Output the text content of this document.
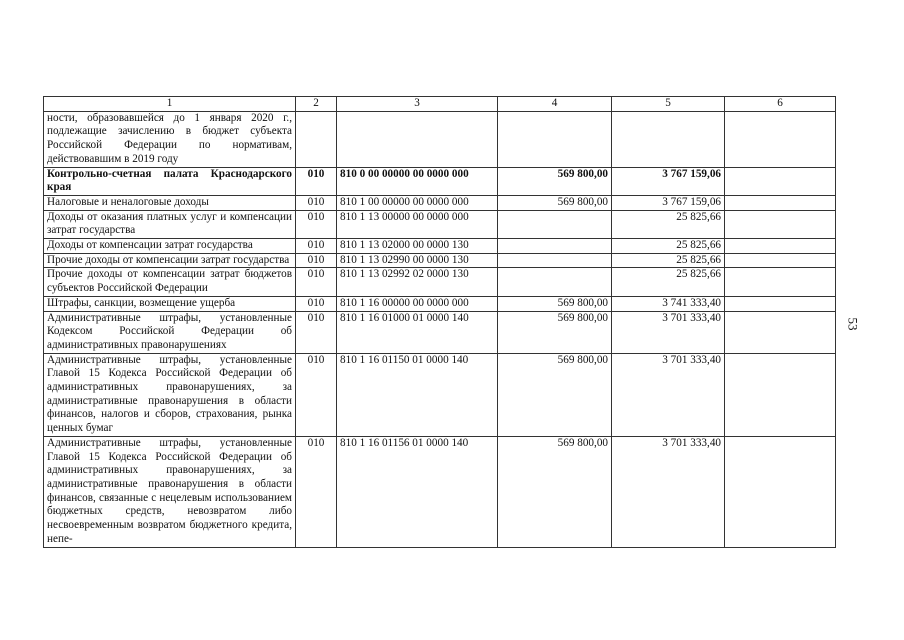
53
1	2	3	4	5	6
ности, образовавшейся до 1 января 2020 г., подлежащие зачислению в бюджет субъекта Российской Федерации по нормативам, действовавшим в 2019 году					
Контрольно-счетная палата Краснодарского края	010	810 0 00 00000 00 0000 000	569 800,00	3 767 159,06	
Налоговые и неналоговые доходы	010	810 1 00 00000 00 0000 000	569 800,00	3 767 159,06	
Доходы от оказания платных услуг и компенсации затрат государства	010	810 1 13 00000 00 0000 000		25 825,66	
Доходы от компенсации затрат государства	010	810 1 13 02000 00 0000 130		25 825,66	
Прочие доходы от компенсации затрат государства	010	810 1 13 02990 00 0000 130		25 825,66	
Прочие доходы от компенсации затрат бюджетов субъектов Российской Федерации	010	810 1 13 02992 02 0000 130		25 825,66	
Штрафы, санкции, возмещение ущерба	010	810 1 16 00000 00 0000 000	569 800,00	3 741 333,40	
Административные штрафы, установленные Кодексом Российской Федерации об административных правонарушениях	010	810 1 16 01000 01 0000 140	569 800,00	3 701 333,40	
Административные штрафы, установленные Главой 15 Кодекса Российской Федерации об административных правонарушениях, за административные правонарушения в области финансов, налогов и сборов, страхования, рынка ценных бумаг	010	810 1 16 01150 01 0000 140	569 800,00	3 701 333,40	
Административные штрафы, установленные Главой 15 Кодекса Российской Федерации об административных правонарушениях, за административные правонарушения в области финансов, связанные с нецелевым использованием бюджетных средств, невозвратом либо несвоевременным возвратом бюджетного кредита, непе-	010	810 1 16 01156 01 0000 140	569 800,00	3 701 333,40	
